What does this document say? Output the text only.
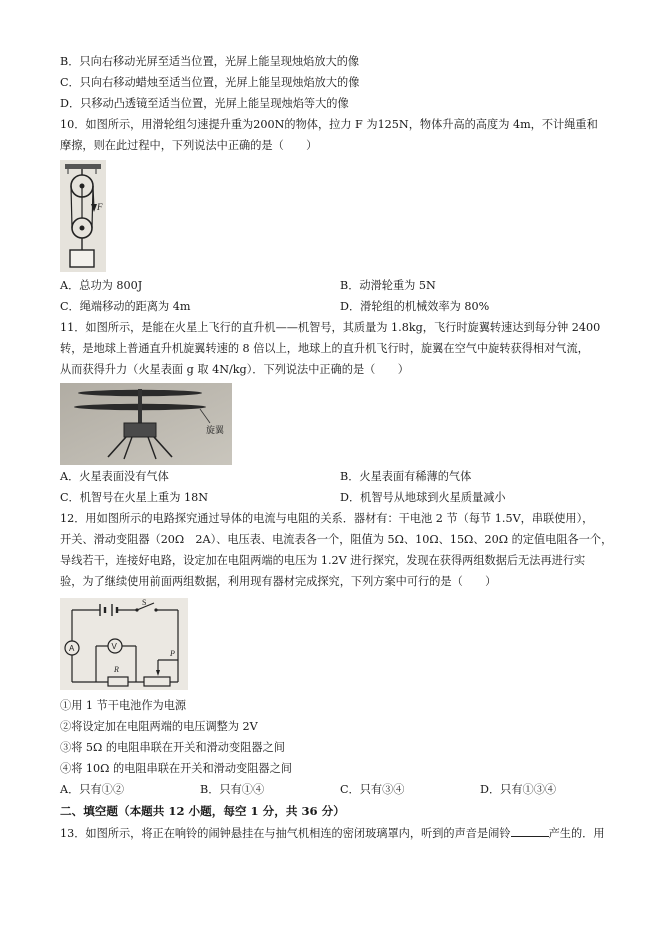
B．只向右移动光屏至适当位置，光屏上能呈现烛焰放大的像
C．只向右移动蜡烛至适当位置，光屏上能呈现烛焰放大的像
D．只移动凸透镜至适当位置，光屏上能呈现烛焰等大的像
10．如图所示，用滑轮组匀速提升重为200N的物体，拉力 F 为125N，物体升高的高度为 4m，不计绳重和
摩擦，则在此过程中，下列说法中正确的是（　　）
F
A．总功为 800J	B．动滑轮重为 5N
C．绳端移动的距离为 4m	D．滑轮组的机械效率为 80%
11．如图所示，是能在火星上飞行的直升机——机智号，其质量为 1.8kg，飞行时旋翼转速达到每分钟 2400
转，是地球上普通直升机旋翼转速的 8 倍以上，地球上的直升机飞行时，旋翼在空气中旋转获得相对气流，
从而获得升力（火星表面 g 取 4N/kg）．下列说法中正确的是（　　）
旋翼
A．火星表面没有气体	B．火星表面有稀薄的气体
C．机智号在火星上重为 18N	D．机智号从地球到火星质量减小
12．用如图所示的电路探究通过导体的电流与电阻的关系．器材有：干电池 2 节（每节 1.5V，串联使用），
开关、滑动变阻器（20Ω　2A）、电压表、电流表各一个，阻值为 5Ω、10Ω、15Ω、20Ω 的定值电阻各一个，
导线若干，连接好电路，设定加在电阻两端的电压为 1.2V 进行探究，发现在获得两组数据后无法再进行实
验，为了继续使用前面两组数据，利用现有器材完成探究，下列方案中可行的是（　　）
S
A
R
P
V
①用 1 节干电池作为电源
②将设定加在电阻两端的电压调整为 2V
③将 5Ω 的电阻串联在开关和滑动变阻器之间
④将 10Ω 的电阻串联在开关和滑动变阻器之间
A．只有①②	B．只有①④	C．只有③④	D．只有①③④
二、填空题（本题共 12 小题，每空 1 分，共 36 分）
13．如图所示，将正在响铃的闹钟悬挂在与抽气机相连的密闭玻璃罩内，听到的声音是闹铃	产生的．用
